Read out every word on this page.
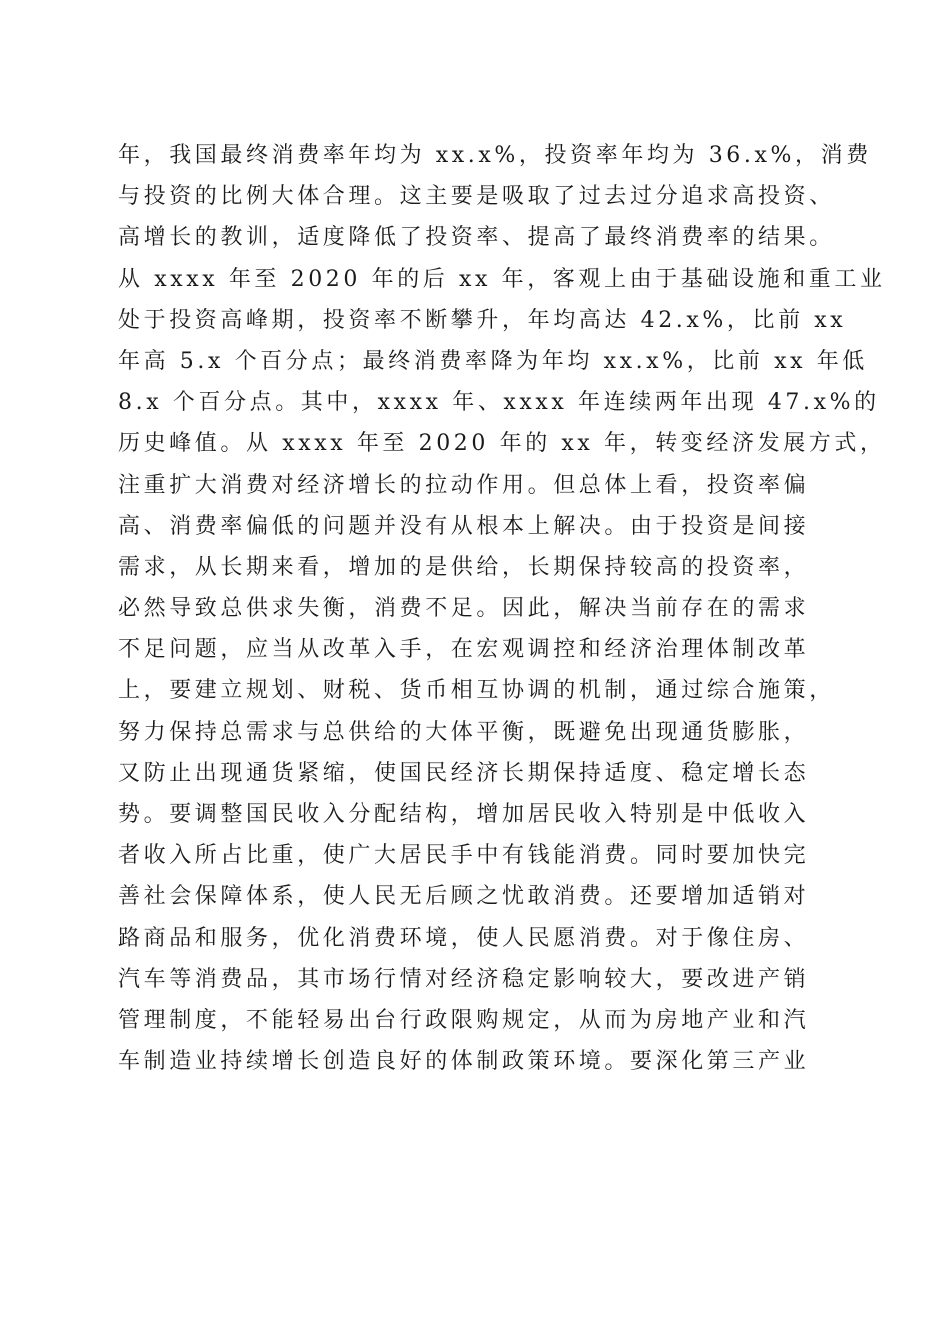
年，我国最终消费率年均为 xx.x%，投资率年均为 36.x%，消费
与投资的比例大体合理。这主要是吸取了过去过分追求高投资、
高增长的教训，适度降低了投资率、提高了最终消费率的结果。
从 xxxx 年至 2020 年的后 xx 年，客观上由于基础设施和重工业
处于投资高峰期，投资率不断攀升，年均高达 42.x%，比前 xx
年高 5.x 个百分点；最终消费率降为年均 xx.x%，比前 xx 年低
8.x 个百分点。其中，xxxx 年、xxxx 年连续两年出现 47.x%的
历史峰值。从 xxxx 年至 2020 年的 xx 年，转变经济发展方式，
注重扩大消费对经济增长的拉动作用。但总体上看，投资率偏
高、消费率偏低的问题并没有从根本上解决。由于投资是间接
需求，从长期来看，增加的是供给，长期保持较高的投资率，
必然导致总供求失衡，消费不足。因此，解决当前存在的需求
不足问题，应当从改革入手，在宏观调控和经济治理体制改革
上，要建立规划、财税、货币相互协调的机制，通过综合施策，
努力保持总需求与总供给的大体平衡，既避免出现通货膨胀，
又防止出现通货紧缩，使国民经济长期保持适度、稳定增长态
势。要调整国民收入分配结构，增加居民收入特别是中低收入
者收入所占比重，使广大居民手中有钱能消费。同时要加快完
善社会保障体系，使人民无后顾之忧敢消费。还要增加适销对
路商品和服务，优化消费环境，使人民愿消费。对于像住房、
汽车等消费品，其市场行情对经济稳定影响较大，要改进产销
管理制度，不能轻易出台行政限购规定，从而为房地产业和汽
车制造业持续增长创造良好的体制政策环境。要深化第三产业
